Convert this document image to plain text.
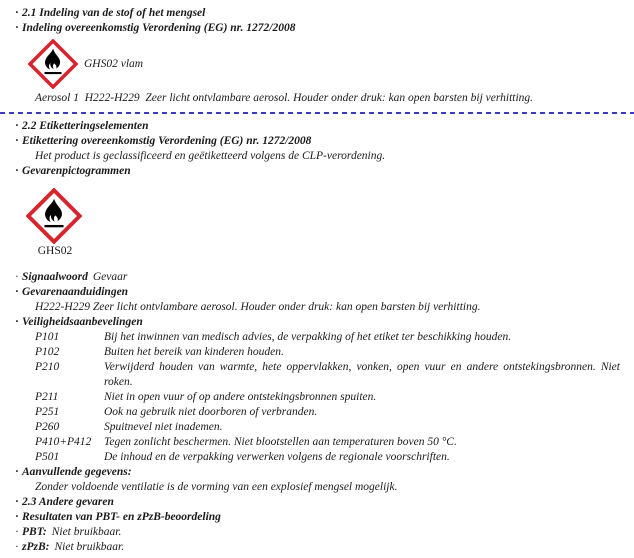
· 2.1 Indeling van de stof of het mengsel
· Indeling overeenkomstig Verordening (EG) nr. 1272/2008
GHS02 vlam
Aerosol 1  H222-H229  Zeer licht ontvlambare aerosol. Houder onder druk: kan open barsten bij verhitting.
· 2.2 Etiketteringselementen
· Etikettering overeenkomstig Verordening (EG) nr. 1272/2008
Het product is geclassificeerd en geëtiketteerd volgens de CLP-verordening.
· Gevarenpictogrammen
GHS02
· Signaalwoord Gevaar
· Gevarenaanduidingen
H222-H229 Zeer licht ontvlambare aerosol. Houder onder druk: kan open barsten bij verhitting.
· Veiligheidsaanbevelingen
P101	Bij het inwinnen van medisch advies, de verpakking of het etiket ter beschikking houden.
P102	Buiten het bereik van kinderen houden.
P210	Verwijderd houden van warmte, hete oppervlakken, vonken, open vuur en andere ontstekingsbronnen. Niet roken.
P211	Niet in open vuur of op andere ontstekingsbronnen spuiten.
P251	Ook na gebruik niet doorboren of verbranden.
P260	Spuitnevel niet inademen.
P410+P412	Tegen zonlicht beschermen. Niet blootstellen aan temperaturen boven 50 °C.
P501	De inhoud en de verpakking verwerken volgens de regionale voorschriften.
· Aanvullende gegevens:
Zonder voldoende ventilatie is de vorming van een explosief mengsel mogelijk.
· 2.3 Andere gevaren
· Resultaten van PBT- en zPzB-beoordeling
· PBT: Niet bruikbaar.
· zPzB: Niet bruikbaar.
